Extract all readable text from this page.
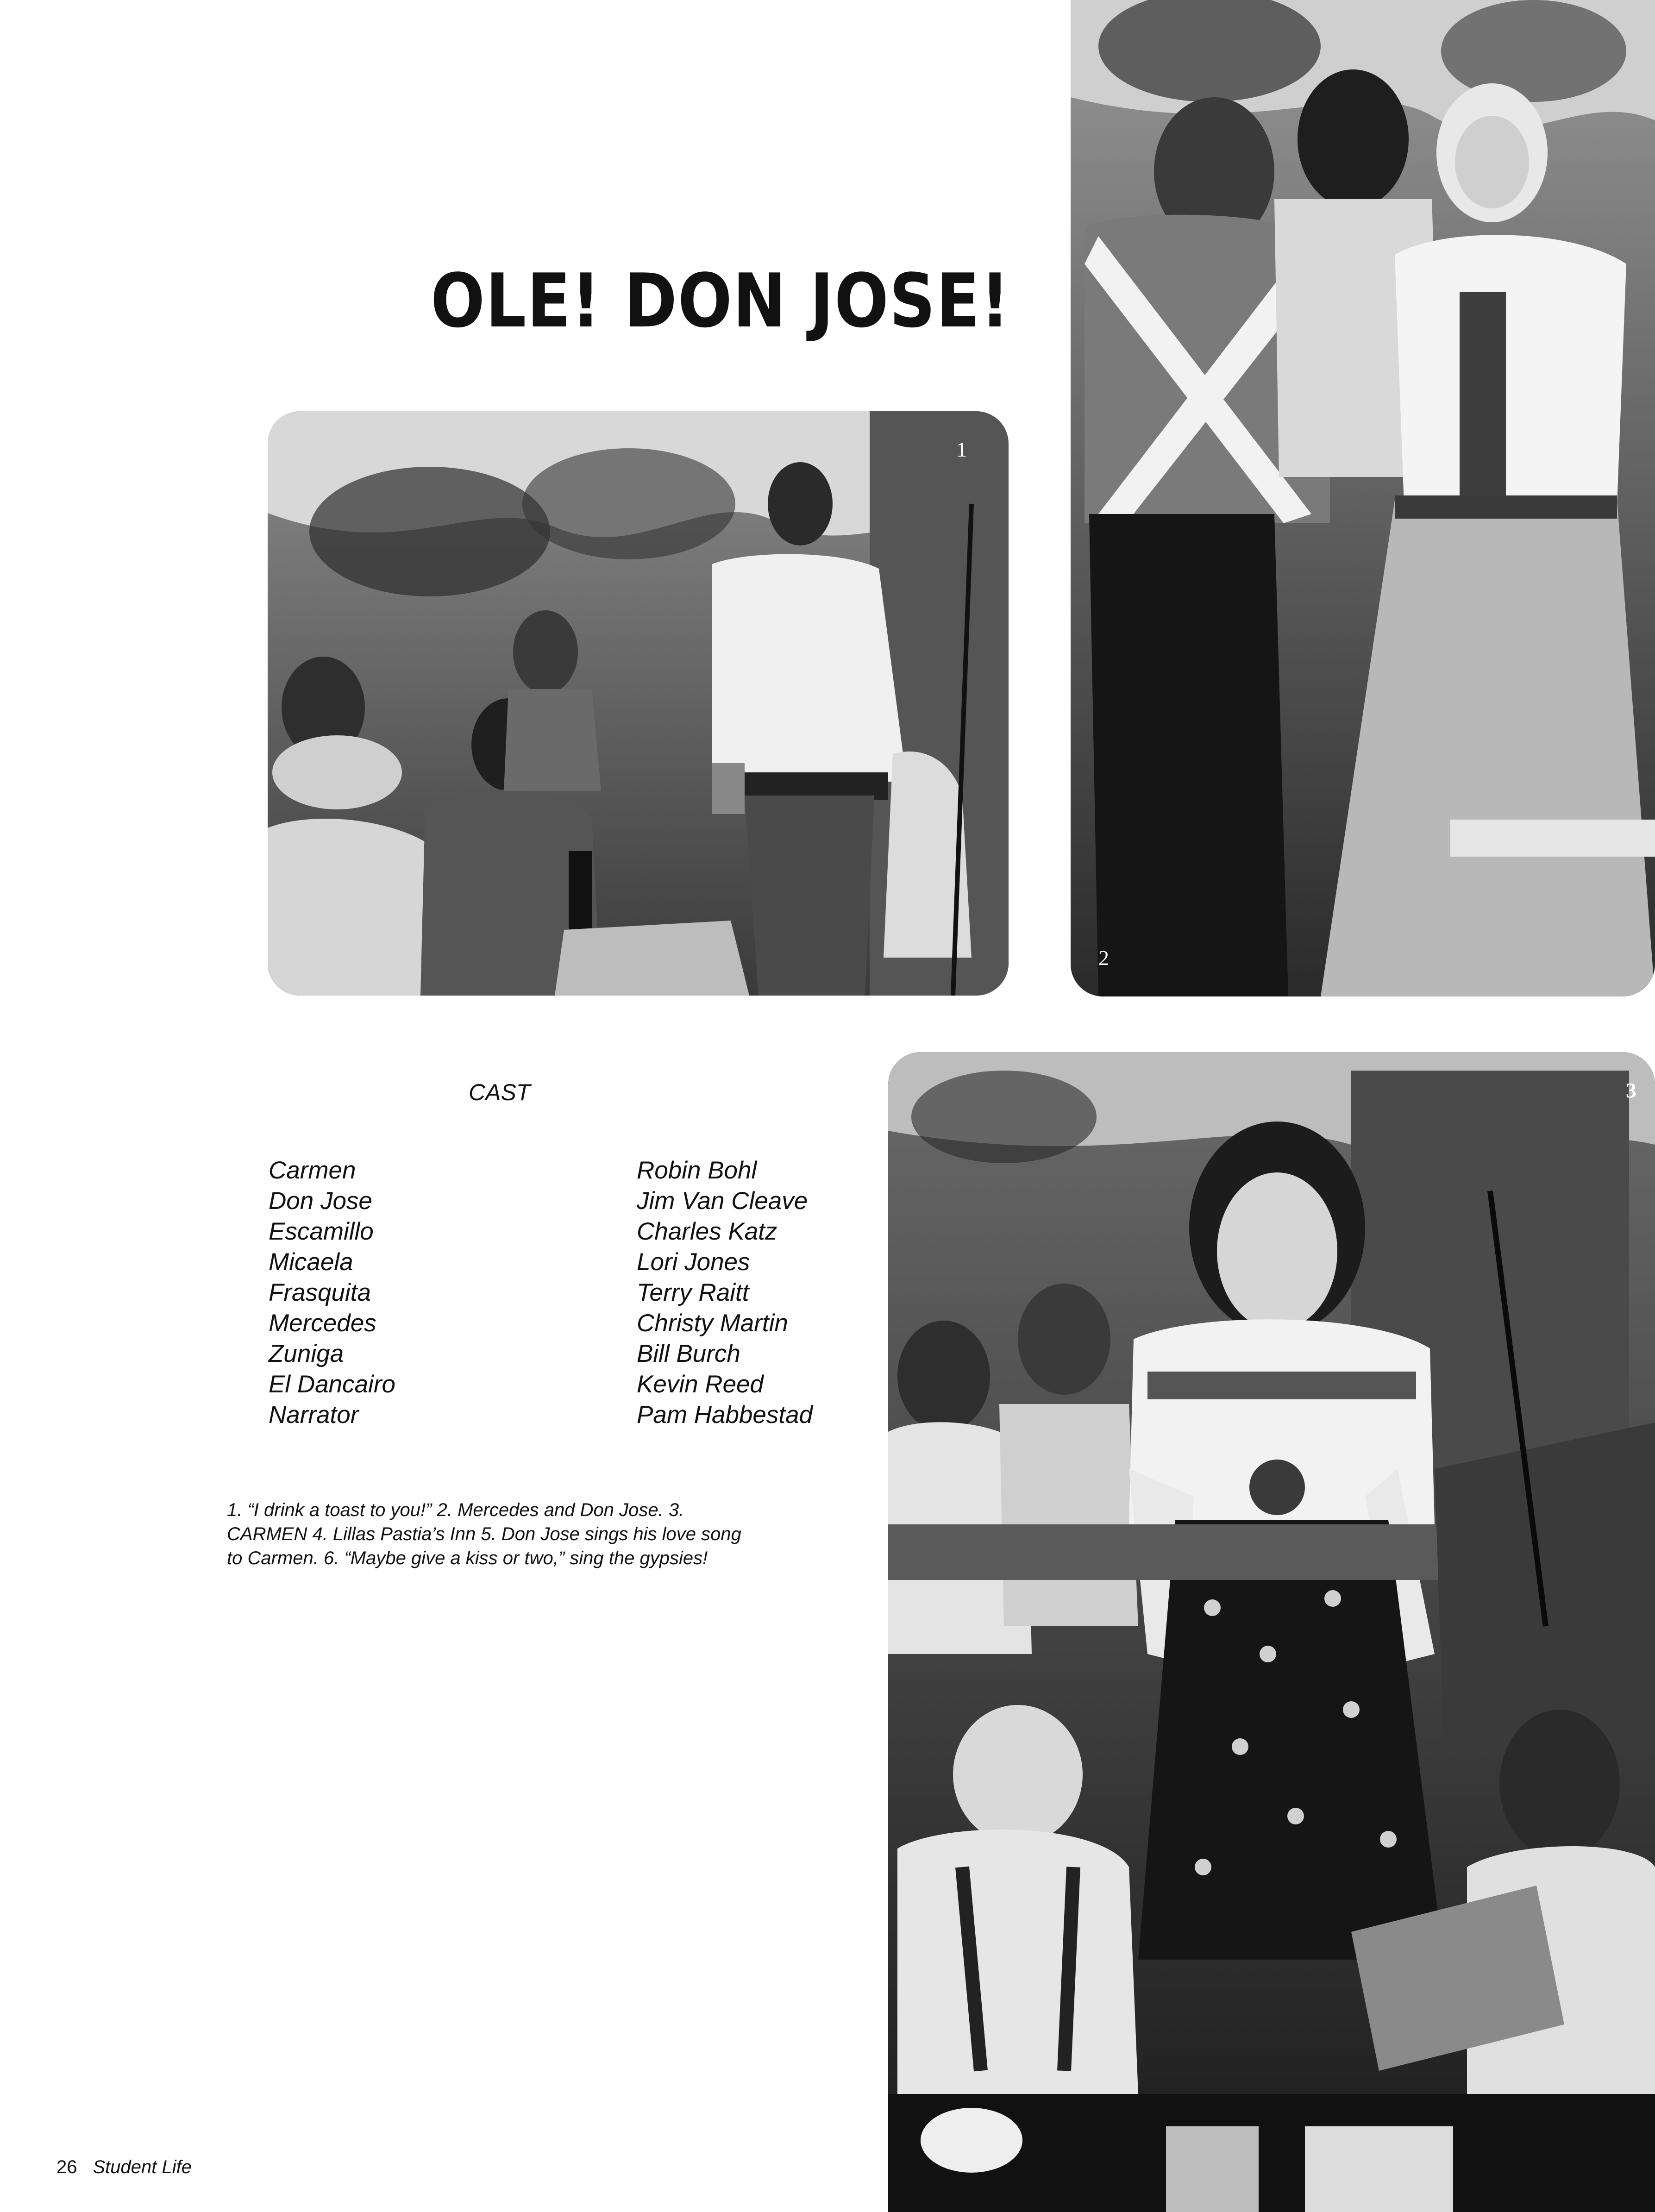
OLE! DON JOSE!
1
2
3
CAST
Carmen	Robin Bohl
Don Jose	Jim Van Cleave
Escamillo	Charles Katz
Micaela	Lori Jones
Frasquita	Terry Raitt
Mercedes	Christy Martin
Zuniga	Bill Burch
El Dancairo	Kevin Reed
Narrator	Pam Habbestad
1. “I drink a toast to you!” 2. Mercedes and Don Jose. 3.
CARMEN 4. Lillas Pastia’s Inn 5. Don Jose sings his love song
to Carmen. 6. “Maybe give a kiss or two,” sing the gypsies!
26 Student Life
